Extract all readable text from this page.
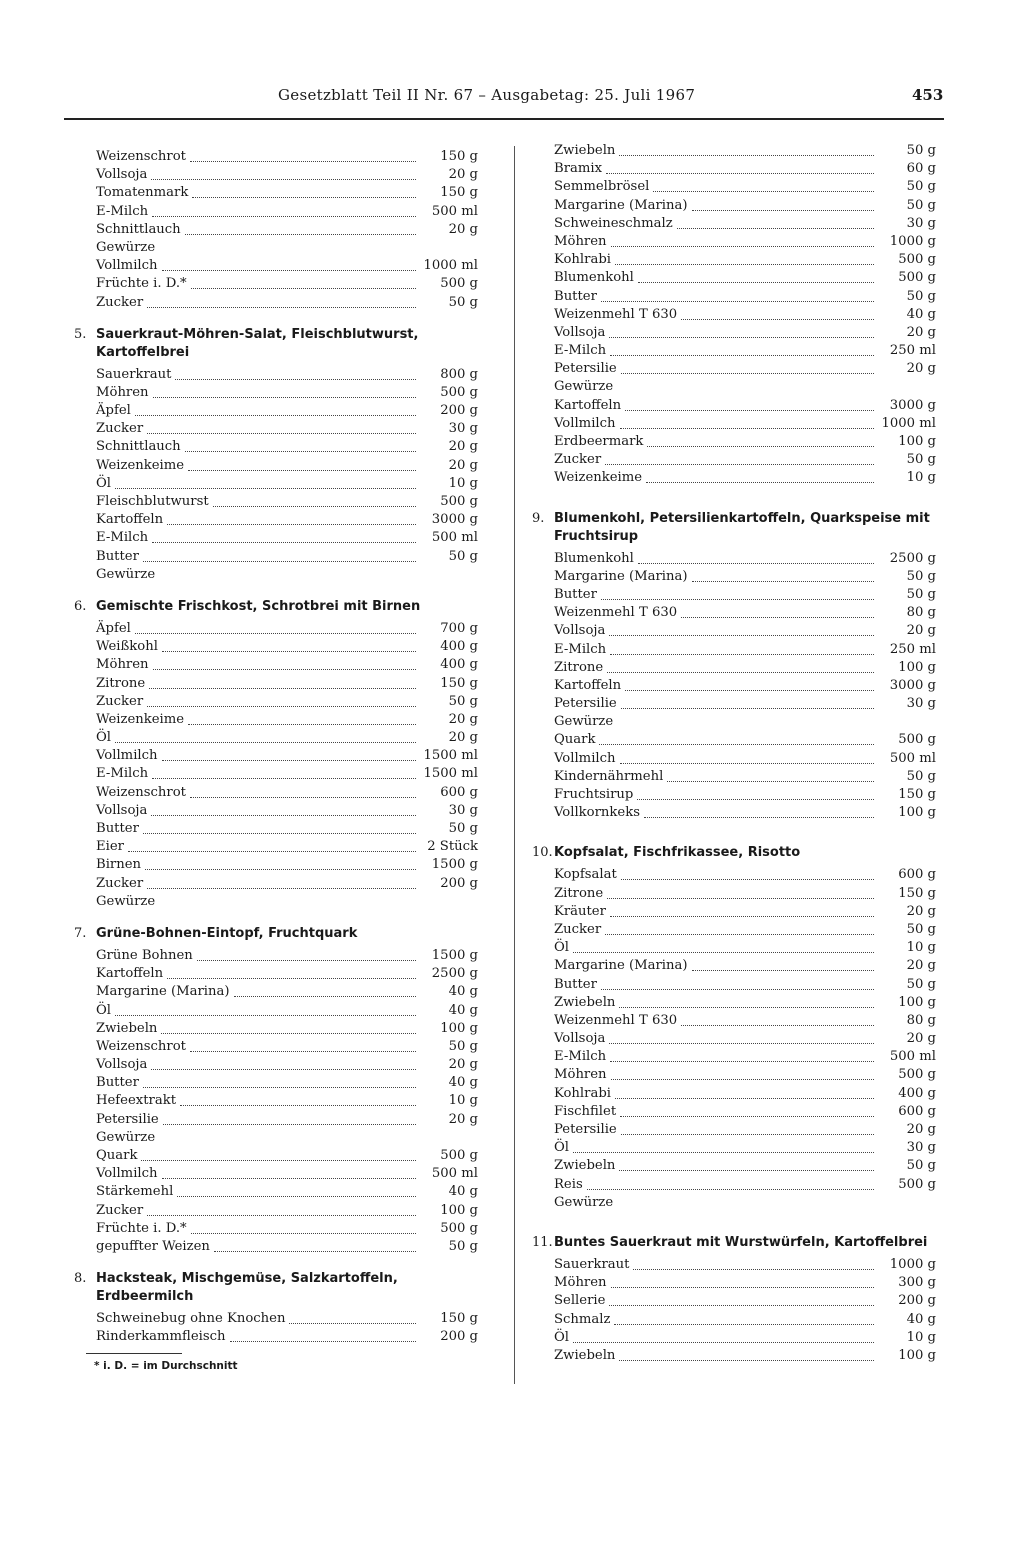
Gesetzblatt Teil II Nr. 67 – Ausgabetag: 25. Juli 1967	453
Weizenschrot	150 g
Vollsoja	20 g
Tomatenmark	150 g
E-Milch	500 ml
Schnittlauch	20 g
Gewürze
Vollmilch	1000 ml
Früchte i. D.*	500 g
Zucker	50 g
5. Sauerkraut-Möhren-Salat, Fleischblutwurst, Kartoffelbrei
Sauerkraut	800 g
Möhren	500 g
Äpfel	200 g
Zucker	30 g
Schnittlauch	20 g
Weizenkeime	20 g
Öl	10 g
Fleischblutwurst	500 g
Kartoffeln	3000 g
E-Milch	500 ml
Butter	50 g
Gewürze
6. Gemischte Frischkost, Schrotbrei mit Birnen
Äpfel	700 g
Weißkohl	400 g
Möhren	400 g
Zitrone	150 g
Zucker	50 g
Weizenkeime	20 g
Öl	20 g
Vollmilch	1500 ml
E-Milch	1500 ml
Weizenschrot	600 g
Vollsoja	30 g
Butter	50 g
Eier	2 Stück
Birnen	1500 g
Zucker	200 g
Gewürze
7. Grüne-Bohnen-Eintopf, Fruchtquark
Grüne Bohnen	1500 g
Kartoffeln	2500 g
Margarine (Marina)	40 g
Öl	40 g
Zwiebeln	100 g
Weizenschrot	50 g
Vollsoja	20 g
Butter	40 g
Hefeextrakt	10 g
Petersilie	20 g
Gewürze
Quark	500 g
Vollmilch	500 ml
Stärkemehl	40 g
Zucker	100 g
Früchte i. D.*	500 g
gepuffter Weizen	50 g
8. Hacksteak, Mischgemüse, Salzkartoffeln, Erdbeermilch
Schweinebug ohne Knochen	150 g
Rinderkammfleisch	200 g
* i. D. = im Durchschnitt
Zwiebeln	50 g
Bramix	60 g
Semmelbrösel	50 g
Margarine (Marina)	50 g
Schweineschmalz	30 g
Möhren	1000 g
Kohlrabi	500 g
Blumenkohl	500 g
Butter	50 g
Weizenmehl T 630	40 g
Vollsoja	20 g
E-Milch	250 ml
Petersilie	20 g
Gewürze
Kartoffeln	3000 g
Vollmilch	1000 ml
Erdbeermark	100 g
Zucker	50 g
Weizenkeime	10 g
9. Blumenkohl, Petersilienkartoffeln, Quarkspeise mit Fruchtsirup
Blumenkohl	2500 g
Margarine (Marina)	50 g
Butter	50 g
Weizenmehl T 630	80 g
Vollsoja	20 g
E-Milch	250 ml
Zitrone	100 g
Kartoffeln	3000 g
Petersilie	30 g
Gewürze
Quark	500 g
Vollmilch	500 ml
Kindernährmehl	50 g
Fruchtsirup	150 g
Vollkornkeks	100 g
10. Kopfsalat, Fischfrikassee, Risotto
Kopfsalat	600 g
Zitrone	150 g
Kräuter	20 g
Zucker	50 g
Öl	10 g
Margarine (Marina)	20 g
Butter	50 g
Zwiebeln	100 g
Weizenmehl T 630	80 g
Vollsoja	20 g
E-Milch	500 ml
Möhren	500 g
Kohlrabi	400 g
Fischfilet	600 g
Petersilie	20 g
Öl	30 g
Zwiebeln	50 g
Reis	500 g
Gewürze
11. Buntes Sauerkraut mit Wurstwürfeln, Kartoffelbrei
Sauerkraut	1000 g
Möhren	300 g
Sellerie	200 g
Schmalz	40 g
Öl	10 g
Zwiebeln	100 g
